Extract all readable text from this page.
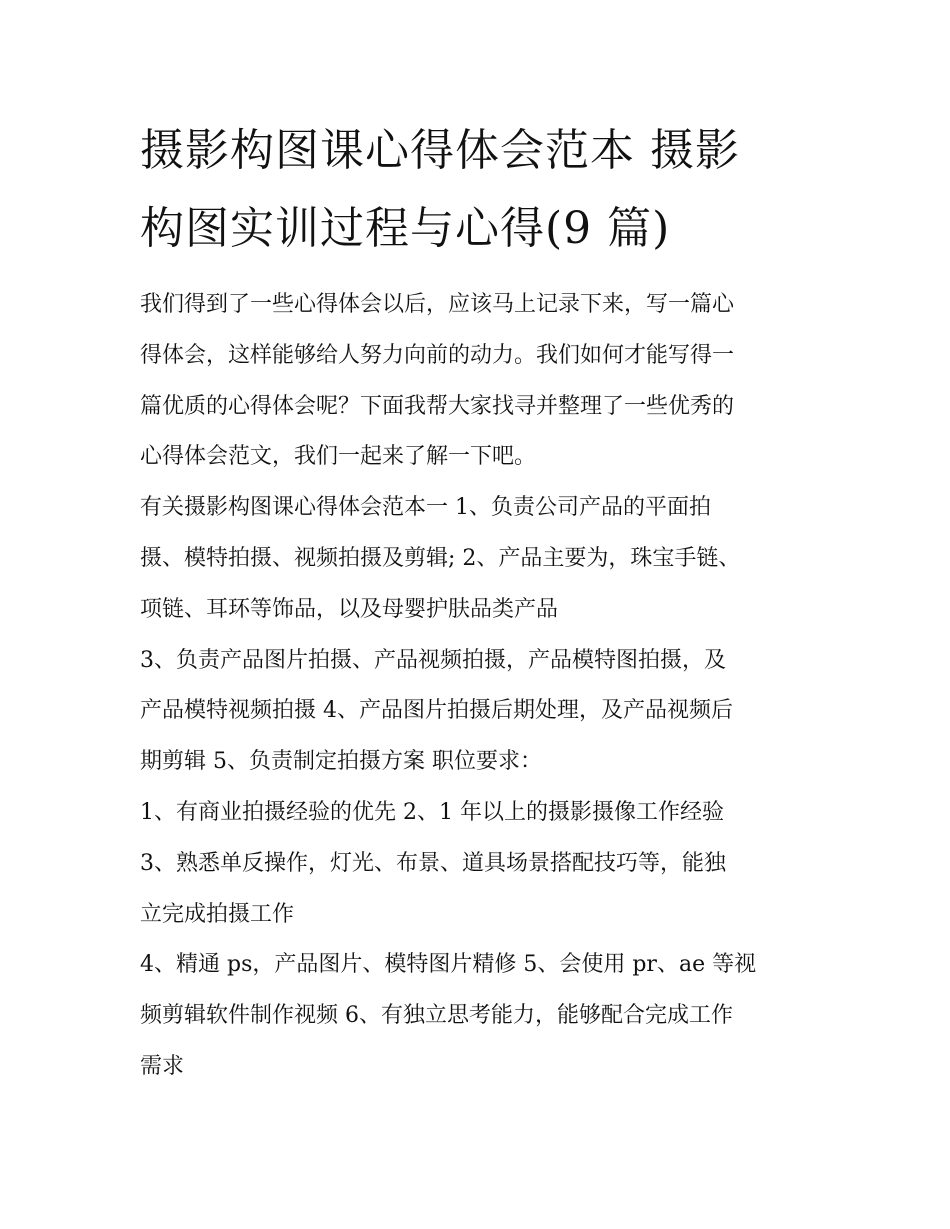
摄影构图课心得体会范本 摄影
构图实训过程与心得(9 篇)

我们得到了一些心得体会以后，应该马上记录下来，写一篇心
得体会，这样能够给人努力向前的动力。我们如何才能写得一
篇优质的心得体会呢？下面我帮大家找寻并整理了一些优秀的
心得体会范文，我们一起来了解一下吧。

有关摄影构图课心得体会范本一 1、负责公司产品的平面拍
摄、模特拍摄、视频拍摄及剪辑; 2、产品主要为，珠宝手链、
项链、耳环等饰品，以及母婴护肤品类产品

3、负责产品图片拍摄、产品视频拍摄，产品模特图拍摄，及
产品模特视频拍摄 4、产品图片拍摄后期处理，及产品视频后
期剪辑 5、负责制定拍摄方案 职位要求：

1、有商业拍摄经验的优先 2、1 年以上的摄影摄像工作经验

3、熟悉单反操作，灯光、布景、道具场景搭配技巧等，能独
立完成拍摄工作

4、精通 ps，产品图片、模特图片精修 5、会使用 pr、ae 等视
频剪辑软件制作视频 6、有独立思考能力，能够配合完成工作
需求
